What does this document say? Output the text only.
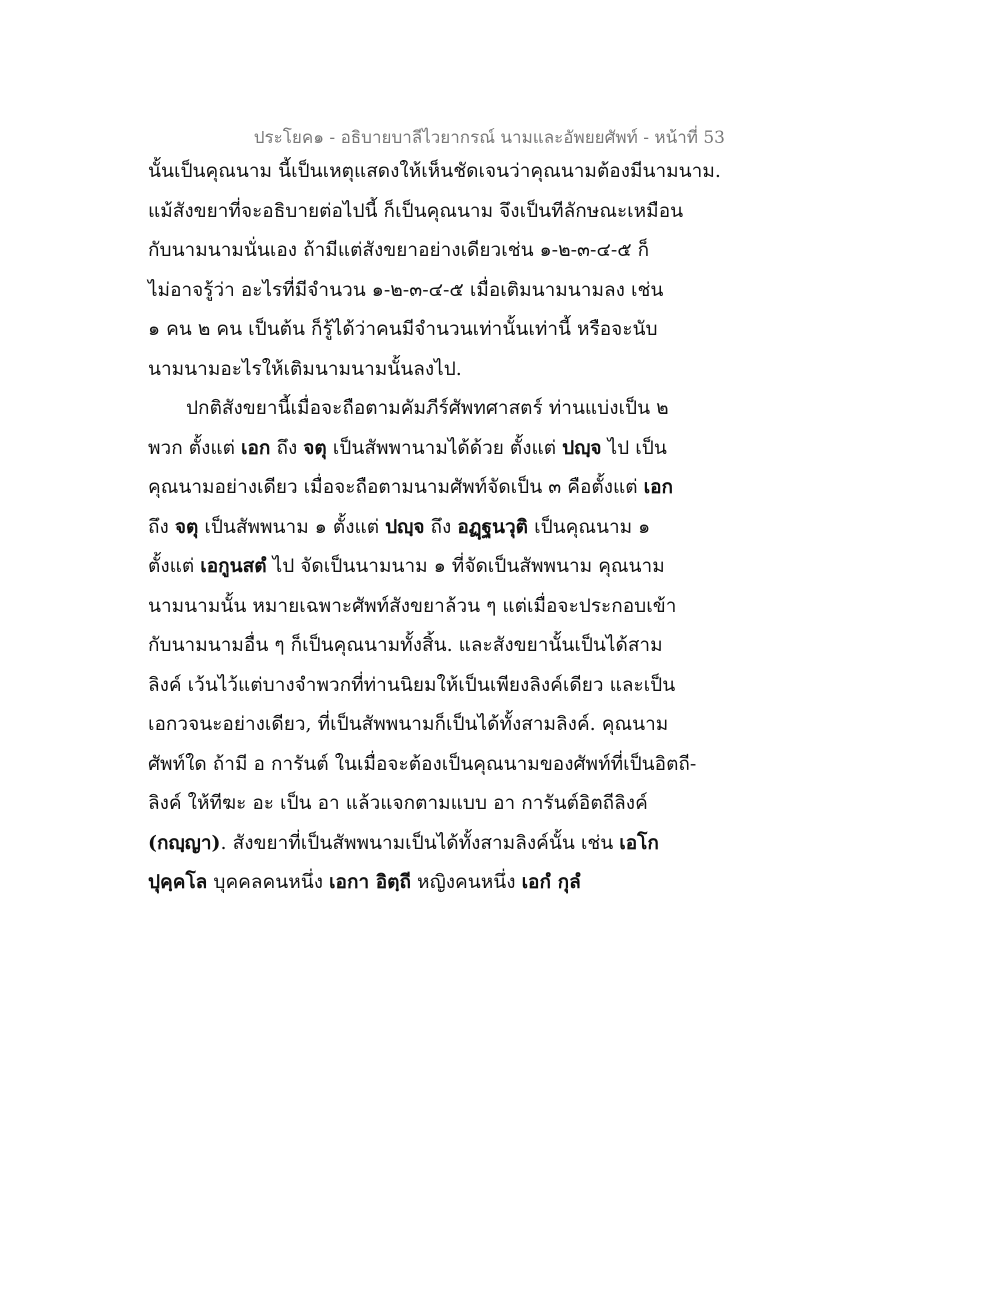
ประโยค๑ - อธิบายบาลีไวยากรณ์ นามและอัพยยศัพท์ - หน้าที่ 53
นั้นเป็นคุณนาม นี้เป็นเหตุแสดงให้เห็นชัดเจนว่าคุณนามต้องมีนามนาม.
แม้สังขยาที่จะอธิบายต่อไปนี้ ก็เป็นคุณนาม จึงเป็นทีลักษณะเหมือน
กับนามนามนั่นเอง ถ้ามีแต่สังขยาอย่างเดียวเช่น ๑-๒-๓-๔-๕ ก็
ไม่อาจรู้ว่า อะไรที่มีจำนวน ๑-๒-๓-๔-๕ เมื่อเติมนามนามลง เช่น
๑ คน ๒ คน เป็นต้น ก็รู้ได้ว่าคนมีจำนวนเท่านั้นเท่านี้ หรือจะนับ
นามนามอะไรให้เติมนามนามนั้นลงไป.
ปกติสังขยานี้เมื่อจะถือตามคัมภีร์ศัพทศาสตร์ ท่านแบ่งเป็น ๒
พวก ตั้งแต่ เอก ถึง จตุ เป็นสัพพานามได้ด้วย ตั้งแต่ ปญฺจ ไป เป็น
คุณนามอย่างเดียว เมื่อจะถือตามนามศัพท์จัดเป็น ๓ คือตั้งแต่ เอก
ถึง จตุ เป็นสัพพนาม ๑ ตั้งแต่ ปญฺจ ถึง อฏฺฐนวุติ เป็นคุณนาม ๑
ตั้งแต่ เอกูนสตํ ไป จัดเป็นนามนาม ๑ ที่จัดเป็นสัพพนาม คุณนาม
นามนามนั้น หมายเฉพาะศัพท์สังขยาล้วน ๆ แต่เมื่อจะประกอบเข้า
กับนามนามอื่น ๆ ก็เป็นคุณนามทั้งสิ้น. และสังขยานั้นเป็นได้สาม
ลิงค์ เว้นไว้แต่บางจำพวกที่ท่านนิยมให้เป็นเพียงลิงค์เดียว และเป็น
เอกวจนะอย่างเดียว, ที่เป็นสัพพนามก็เป็นได้ทั้งสามลิงค์. คุณนาม
ศัพท์ใด ถ้ามี อ การันต์ ในเมื่อจะต้องเป็นคุณนามของศัพท์ที่เป็นอิตถี-
ลิงค์ ให้ทีฆะ อะ เป็น อา แล้วแจกตามแบบ อา การันต์อิตถีลิงค์
(กญฺญา). สังขยาที่เป็นสัพพนามเป็นได้ทั้งสามลิงค์นั้น เช่น เอโก
ปุคฺคโล บุคคลคนหนึ่ง เอกา อิตฺถี หญิงคนหนึ่ง เอกํ กุลํ
